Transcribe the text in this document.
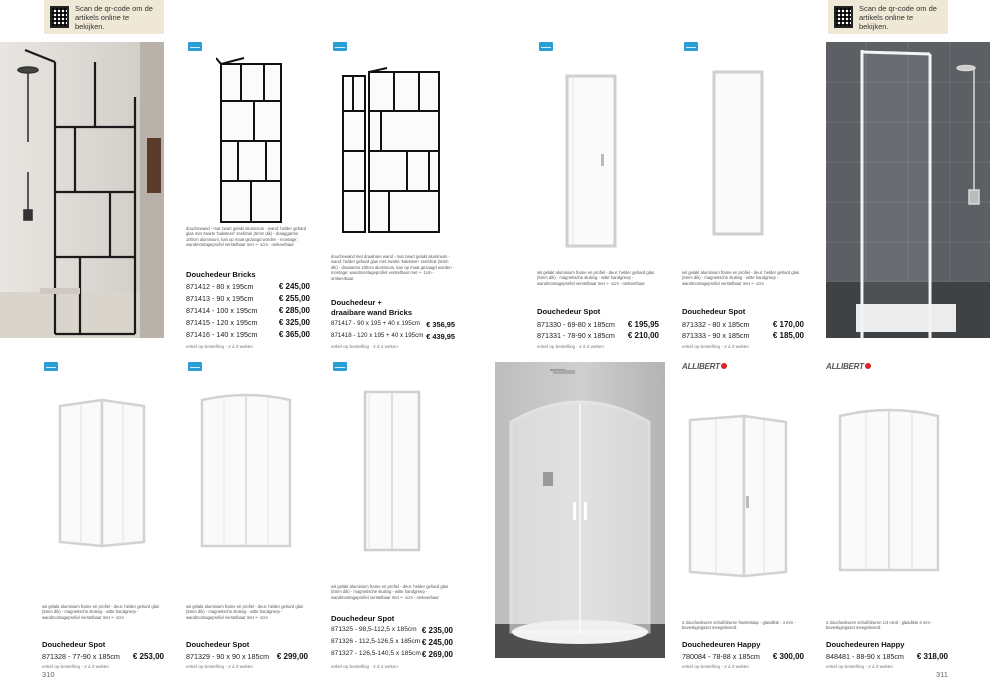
Scan de qr-code om de artikels online te bekijken.
Scan de qr-code om de artikels online te bekijken.
douchewand - mat zwart gelakt aluminium - wand: helder gehard glas met zwarte 'baksteen' zeefdruk (5mm dik) - draaggarms 100cm aluminium, kan op maat gezaagd worden - montage: wandmontageprofiel verstelbaar met +- 1cm - omkeerbaar
Douchedeur Bricks
871412 - 80 x 195cm	€ 245,00
871413 - 90 x 195cm	€ 255,00
871414 - 100 x 195cm	€ 285,00
871415 - 120 x 195cm	€ 325,00
871416 - 140 x 195cm	€ 365,00
enkel op bestelling - 2 à 3 weken
douchewand met draaibare wand - mat zwart gelakt aluminium - wand: helder gehard glas met zwarte 'baksteen' zeefdruk (5mm dik) - draaiarms 100cm aluminium, kan op maat gezaagd worden - montage: wandmontageprofiel verstelbaar met +- 1cm - omkeerbaar
Douchedeur +
draaibare wand Bricks
871417 - 90 x 195 + 40 x 195cm € 356,95
871418 - 120 x 195 + 40 x 195cm € 439,95
enkel op bestelling - 2 à 3 weken
wit gelakt aluminium frame en profiel - deur: helder gehard glas (5mm dik) - magnetische sluiting - witte handgreep - wandmontageprofiel verstelbaar met +- 1cm - omkeerbaar
Douchedeur Spot
871330 - 69-80 x 185cm € 195,95
871331 - 78-90 x 185cm € 210,00
enkel op bestelling - 2 à 3 weken
wit gelakt aluminium frame en profiel - deur: helder gehard glas (5mm dik) - magnetische sluiting - witte handgreep - wandmontageprofiel verstelbaar met +- 1cm
Douchedeur Spot
871332 - 80 x 185cm	€ 170,00
871333 - 90 x 185cm	€ 185,00
enkel op bestelling - 2 à 3 weken
wit gelakt aluminium frame en profiel - deur: helder gehard glas (5mm dik) - magnetische sluiting - witte handgreep - wandmontageprofiel verstelbaar met +- 1cm
Douchedeur Spot
871328 - 77-90 x 185cm € 253,00
enkel op bestelling - 2 à 3 weken
wit gelakt aluminium frame en profiel - deur: helder gehard glas (5mm dik) - magnetische sluiting - witte handgreep - wandmontageprofiel verstelbaar met +- 1cm
Douchedeur Spot
871329 - 90 x 90 x 185cm € 299,00
enkel op bestelling - 2 à 3 weken
wit gelakt aluminium frame en profiel - deur: helder gehard glas (5mm dik) - magnetische sluiting - witte handgreep - wandmontageprofiel verstelbaar met +- 1cm - omkeerbaar
Douchedeur Spot
871325 - 98,5-112,5 x 185cm € 235,00
871326 - 112,5-126,5 x 185cm € 245,00
871327 - 126,5-140,5 x 185cm € 269,00
enkel op bestelling - 2 à 3 weken
ALLIBERT
2 douchedeuren schuifdeuren hoekinstap - glasdikte : 4 mm - bevestigingsset meegeleverd.
Douchedeuren Happy
780084 - 78-88 x 185cm € 300,00
enkel op bestelling - 2 à 3 weken
ALLIBERT
2 douchedeuren schuifdeuren 1/4 rond - glasdikte 4 mm - bevestigingsset meegeleverd.
Douchedeuren Happy
848481 - 88-90 x 185cm € 318,00
enkel op bestelling - 2 à 3 weken
310	311
